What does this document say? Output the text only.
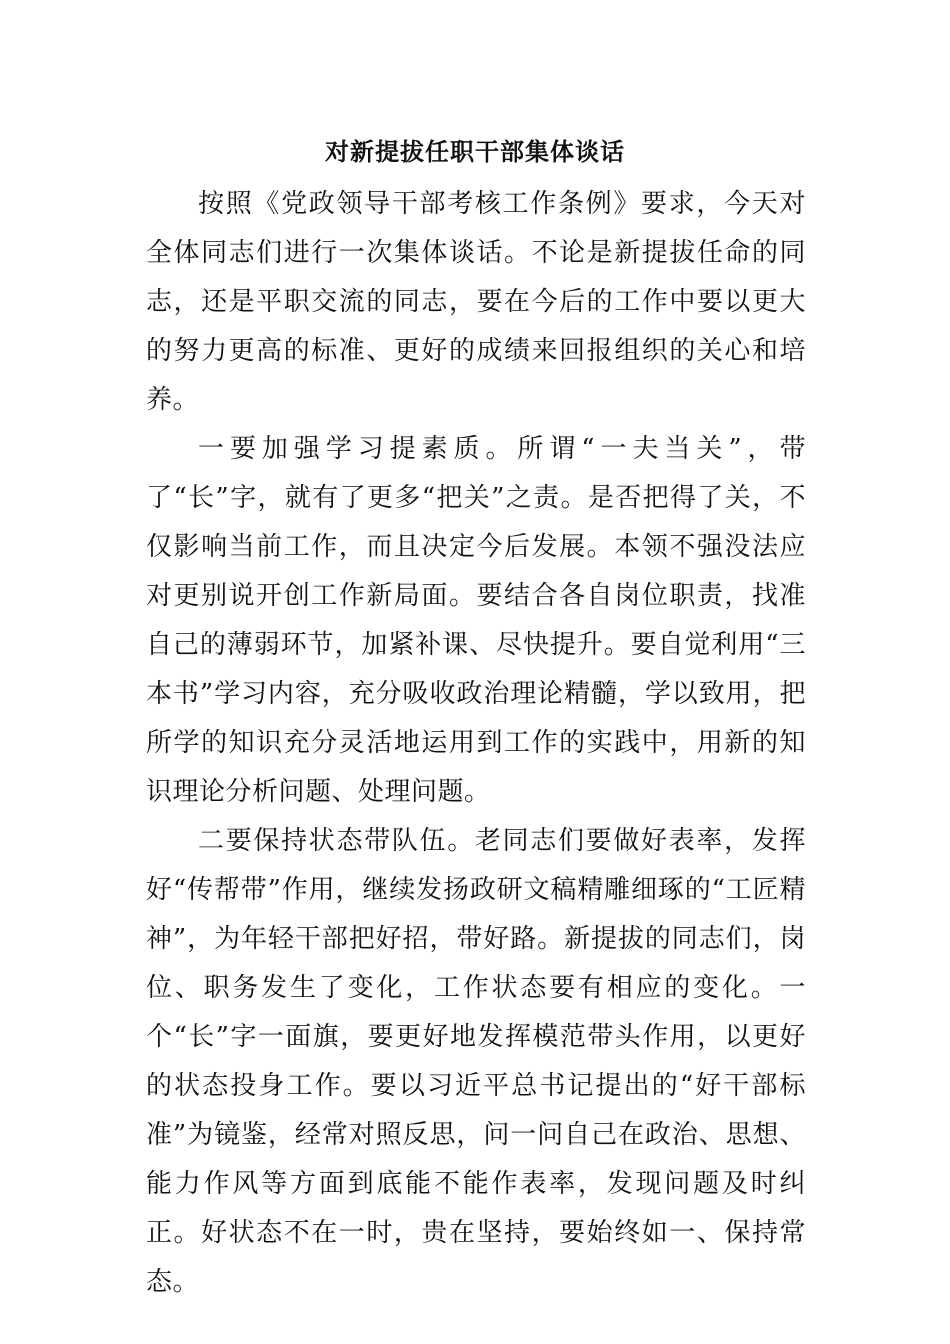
对新提拔任职干部集体谈话

按照《党政领导干部考核工作条例》要求，今天对全体同志们进行一次集体谈话。不论是新提拔任命的同志，还是平职交流的同志，要在今后的工作中要以更大的努力更高的标准、更好的成绩来回报组织的关心和培养。

一要加强学习提素质。所谓“一夫当关”，带了“长”字，就有了更多“把关”之责。是否把得了关，不仅影响当前工作，而且决定今后发展。本领不强没法应对更别说开创工作新局面。要结合各自岗位职责，找准自己的薄弱环节，加紧补课、尽快提升。要自觉利用“三本书”学习内容，充分吸收政治理论精髓，学以致用，把所学的知识充分灵活地运用到工作的实践中，用新的知识理论分析问题、处理问题。

二要保持状态带队伍。老同志们要做好表率，发挥好“传帮带”作用，继续发扬政研文稿精雕细琢的“工匠精神”，为年轻干部把好招，带好路。新提拔的同志们，岗位、职务发生了变化，工作状态要有相应的变化。一个“长”字一面旗，要更好地发挥模范带头作用，以更好的状态投身工作。要以习近平总书记提出的“好干部标准”为镜鉴，经常对照反思，问一问自己在政治、思想、能力作风等方面到底能不能作表率，发现问题及时纠正。好状态不在一时，贵在坚持，要始终如一、保持常态。
